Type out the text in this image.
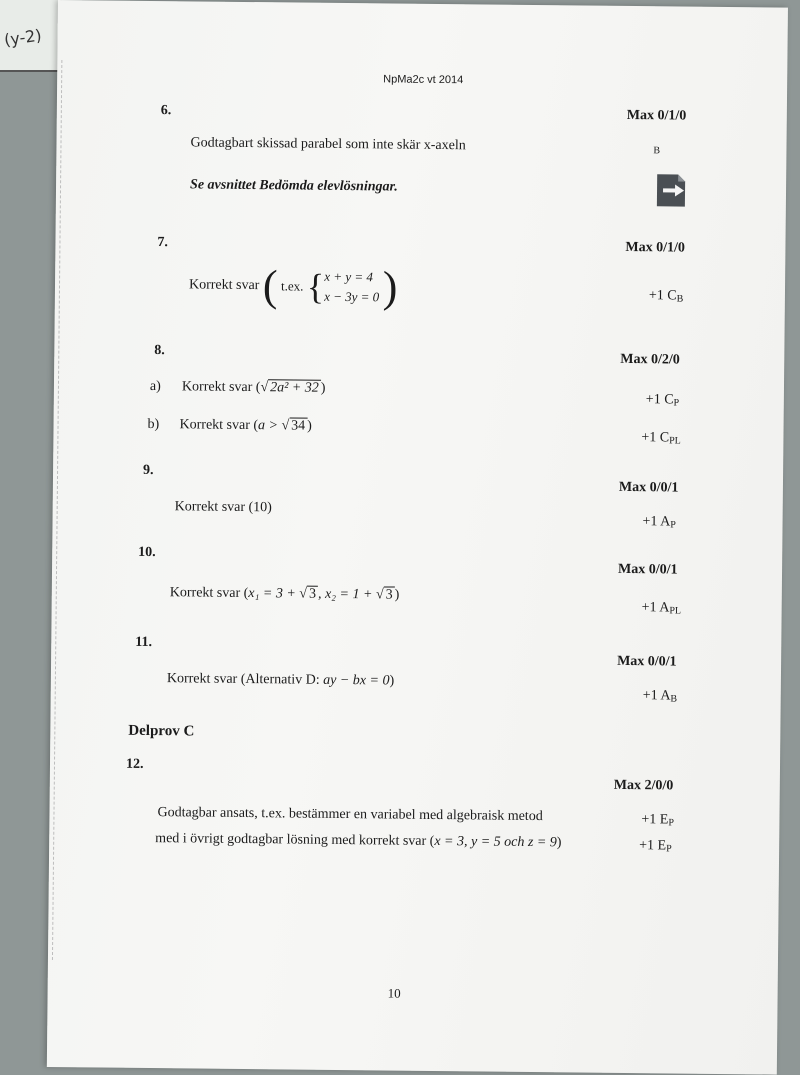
(y-2)
NpMa2c vt 2014
6.	Max 0/1/0
Godtagbart skissad parabel som inte skär x-axeln	$_B$
Se avsnittet Bedömda elevlösningar.
7.	Max 0/1/0
Korrekt svar ( t.ex. {x + y = 4
x − 3y = 0 )	+1 $C_B$
8.
Max 0/2/0
a) Korrekt svar (√ 2a² + 32 )
+1 $C_P$
b) Korrekt svar (a > √ 34 )
+1 $C_{PL}$
9.
Max 0/0/1
Korrekt svar (10)
+1 $A_P$
10.
Max 0/0/1
Korrekt svar (x₁ = 3 + √ 3 , x₂ = 1 + √ 3 )
+1 $A_{PL}$
11.
Max 0/0/1
Korrekt svar (Alternativ D: ay − bx = 0)
+1 $A_B$
Delprov C
12.
Max 2/0/0
Godtagbar ansats, t.ex. bestämmer en variabel med algebraisk metod	+1 $E_P$
med i övrigt godtagbar lösning med korrekt svar (x = 3, y = 5 och z = 9)	+1 $E_P$
10
